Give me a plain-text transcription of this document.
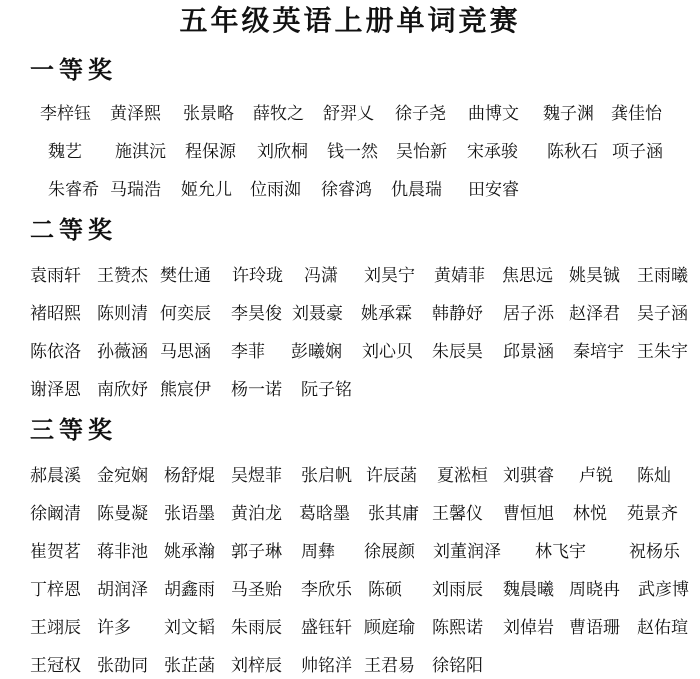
五年级英语上册单词竞赛
一等奖
李梓钰 黄泽熙 张景略 薛牧之 舒羿乂 徐子尧 曲博文 魏子渊 龚佳怡
魏艺 施淇沅 程保源 刘欣桐 钱一然 吴怡新 宋承骏 陈秋石 项子涵
朱睿希 马瑞浩 姬允儿 位雨洳 徐睿鸿 仇晨瑞 田安睿
二等奖
袁雨轩 王赞杰 樊仕通 许玲珑 冯潇 刘昊宁 黄婧菲 焦思远 姚昊铖 王雨曦
褚昭熙 陈则清 何奕辰 李昊俊 刘聂豪 姚承霖 韩静妤 居子泺 赵泽君 吴子涵
陈依洛 孙薇涵 马思涵 李菲 彭曦娴 刘心贝 朱辰昊 邱景涵 秦培宇 王朱宇
谢泽恩 南欣妤 熊宸伊 杨一诺 阮子铭
三等奖
郝晨溪 金宛娴 杨舒焜 吴煜菲 张启帆 许辰菡 夏淞桓 刘骐睿 卢锐 陈灿
徐阚清 陈曼凝 张语墨 黄泊龙 葛晗墨 张其庸 王馨仪 曹恒旭 林悦 苑景齐
崔贺茗 蒋非池 姚承瀚 郭子琳 周彝 徐展颜 刘董润泽 林飞宇	祝杨乐
丁梓恩 胡润泽 胡鑫雨 马圣贻 李欣乐 陈硕 刘雨辰 魏晨曦 周晓冉 武彦博
王翊辰 许多 刘文韬 朱雨辰 盛钰轩 顾庭瑜 陈熙诺 刘倬岩 曹语珊 赵佑瑄
王冠权 张劭同 张芷菡 刘梓辰 帅铭洋 王君易 徐铭阳
